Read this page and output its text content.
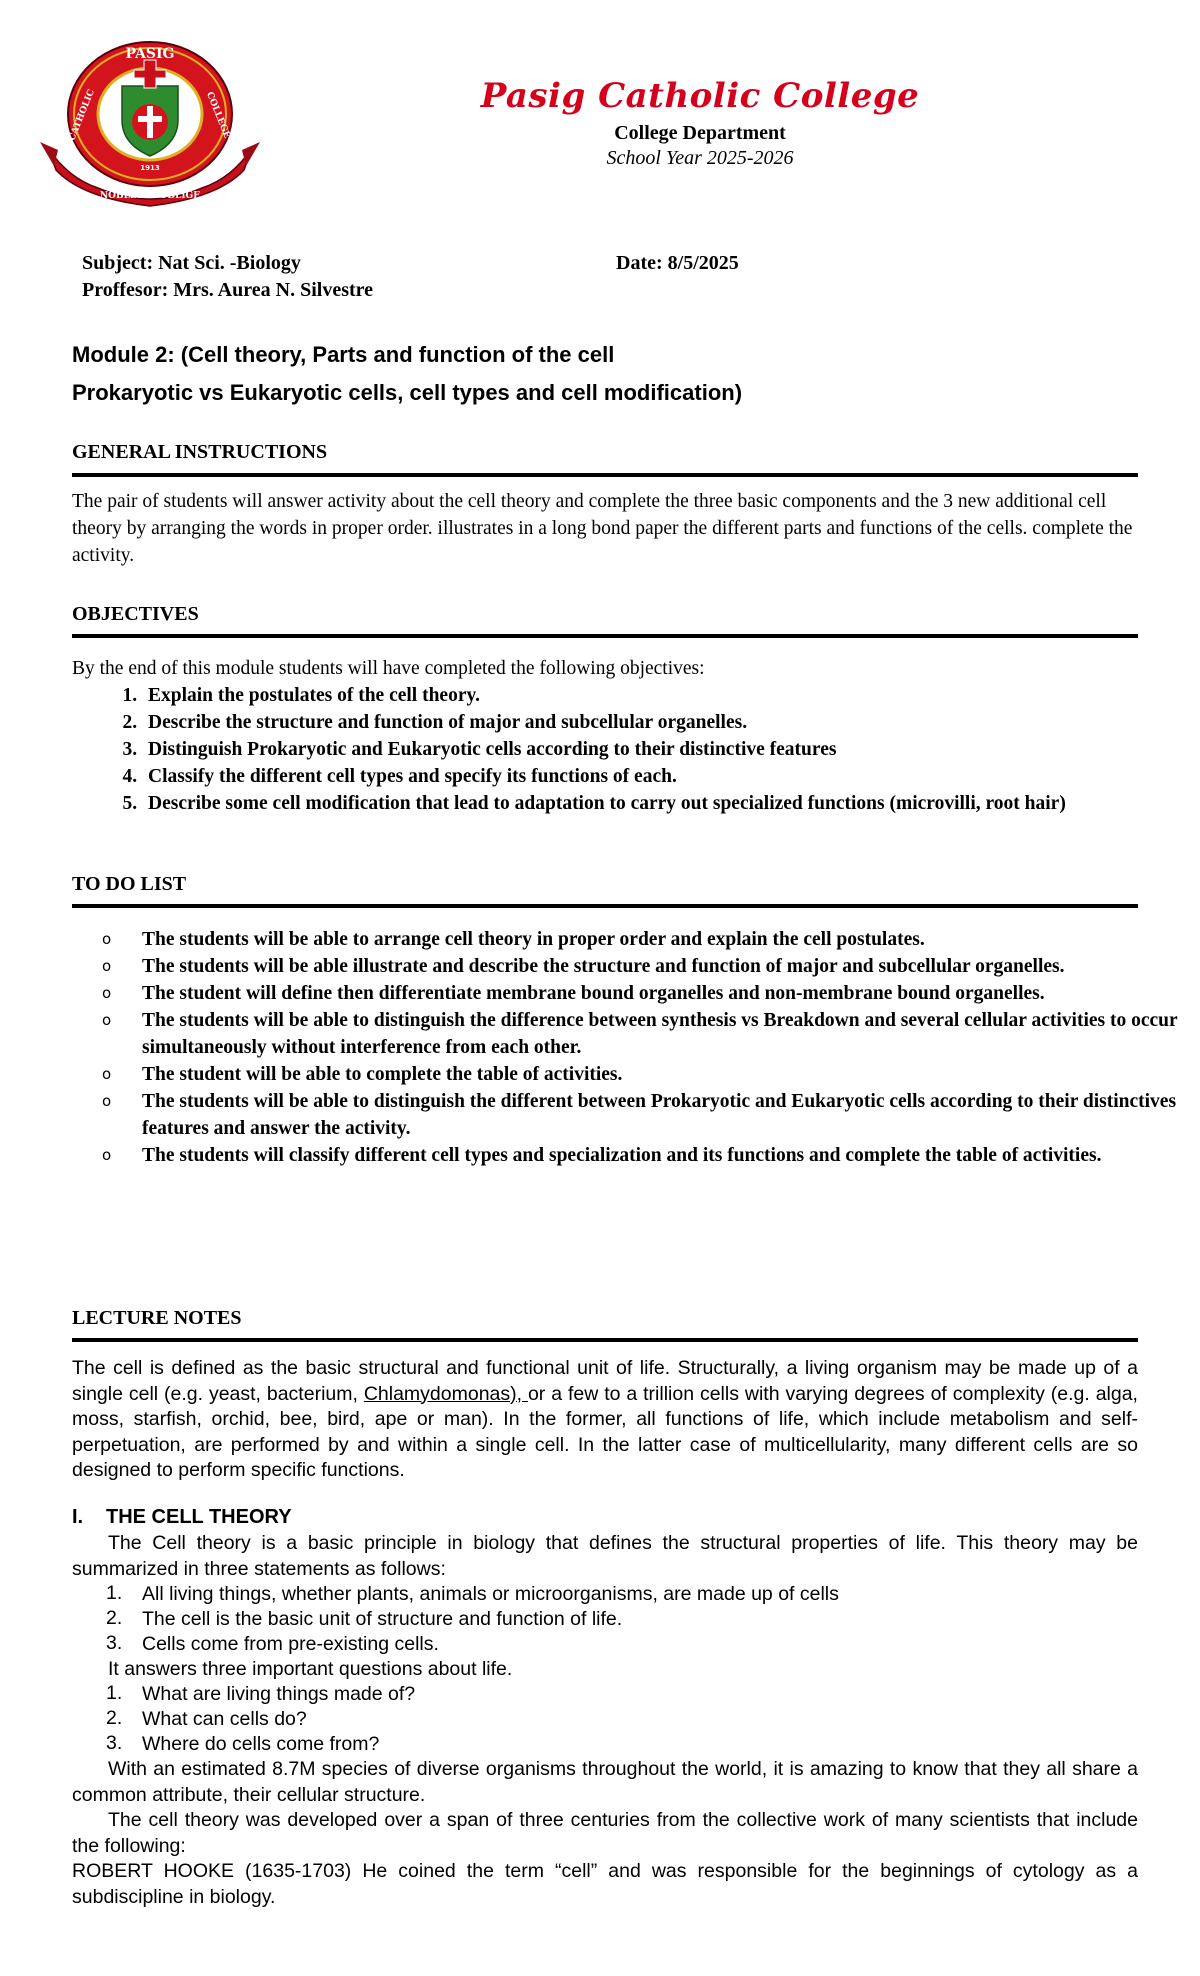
PASIG
CATHOLIC	COLLEGE
1913
NOBLESSE OBLIGE
Pasig Catholic College
College Department
School Year 2025-2026
Subject: Nat Sci. -Biology
Proffesor: Mrs. Aurea N. Silvestre
Date: 8/5/2025
Module 2: (Cell theory, Parts and function of the cell
Prokaryotic vs Eukaryotic cells, cell types and cell modification)
GENERAL INSTRUCTIONS
The pair of students will answer activity about the cell theory and complete the three basic components and the 3 new additional cell theory by arranging the words in proper order. illustrates in a long bond paper the different parts and functions of the cells. complete the activity.
OBJECTIVES
By the end of this module students will have completed the following objectives:
1. Explain the postulates of the cell theory.
2. Describe the structure and function of major and subcellular organelles.
3. Distinguish Prokaryotic and Eukaryotic cells according to their distinctive features
4. Classify the different cell types and specify its functions of each.
5. Describe some cell modification that lead to adaptation to carry out specialized functions (microvilli, root hair)
TO DO LIST
o The students will be able to arrange cell theory in proper order and explain the cell postulates.
o The students will be able illustrate and describe the structure and function of major and subcellular organelles.
o The student will define then differentiate membrane bound organelles and non-membrane bound organelles.
o The students will be able to distinguish the difference between synthesis vs Breakdown and several cellular activities to occur simultaneously without interference from each other.
o The student will be able to complete the table of activities.
o The students will be able to distinguish the different between Prokaryotic and Eukaryotic cells according to their distinctives features and answer the activity.
o The students will classify different cell types and specialization and its functions and complete the table of activities.
LECTURE NOTES
The cell is defined as the basic structural and functional unit of life. Structurally, a living organism may be made up of a single cell (e.g. yeast, bacterium, Chlamydomonas), or a few to a trillion cells with varying degrees of complexity (e.g. alga, moss, starfish, orchid, bee, bird, ape or man). In the former, all functions of life, which include metabolism and self-perpetuation, are performed by and within a single cell. In the latter case of multicellularity, many different cells are so designed to perform specific functions.
I. THE CELL THEORY
The Cell theory is a basic principle in biology that defines the structural properties of life. This theory may be summarized in three statements as follows:
1. All living things, whether plants, animals or microorganisms, are made up of cells
2. The cell is the basic unit of structure and function of life.
3. Cells come from pre-existing cells.
It answers three important questions about life.
1. What are living things made of?
2. What can cells do?
3. Where do cells come from?
With an estimated 8.7M species of diverse organisms throughout the world, it is amazing to know that they all share a common attribute, their cellular structure.
The cell theory was developed over a span of three centuries from the collective work of many scientists that include the following:
ROBERT HOOKE (1635-1703) He coined the term “cell” and was responsible for the beginnings of cytology as a subdiscipline in biology.
